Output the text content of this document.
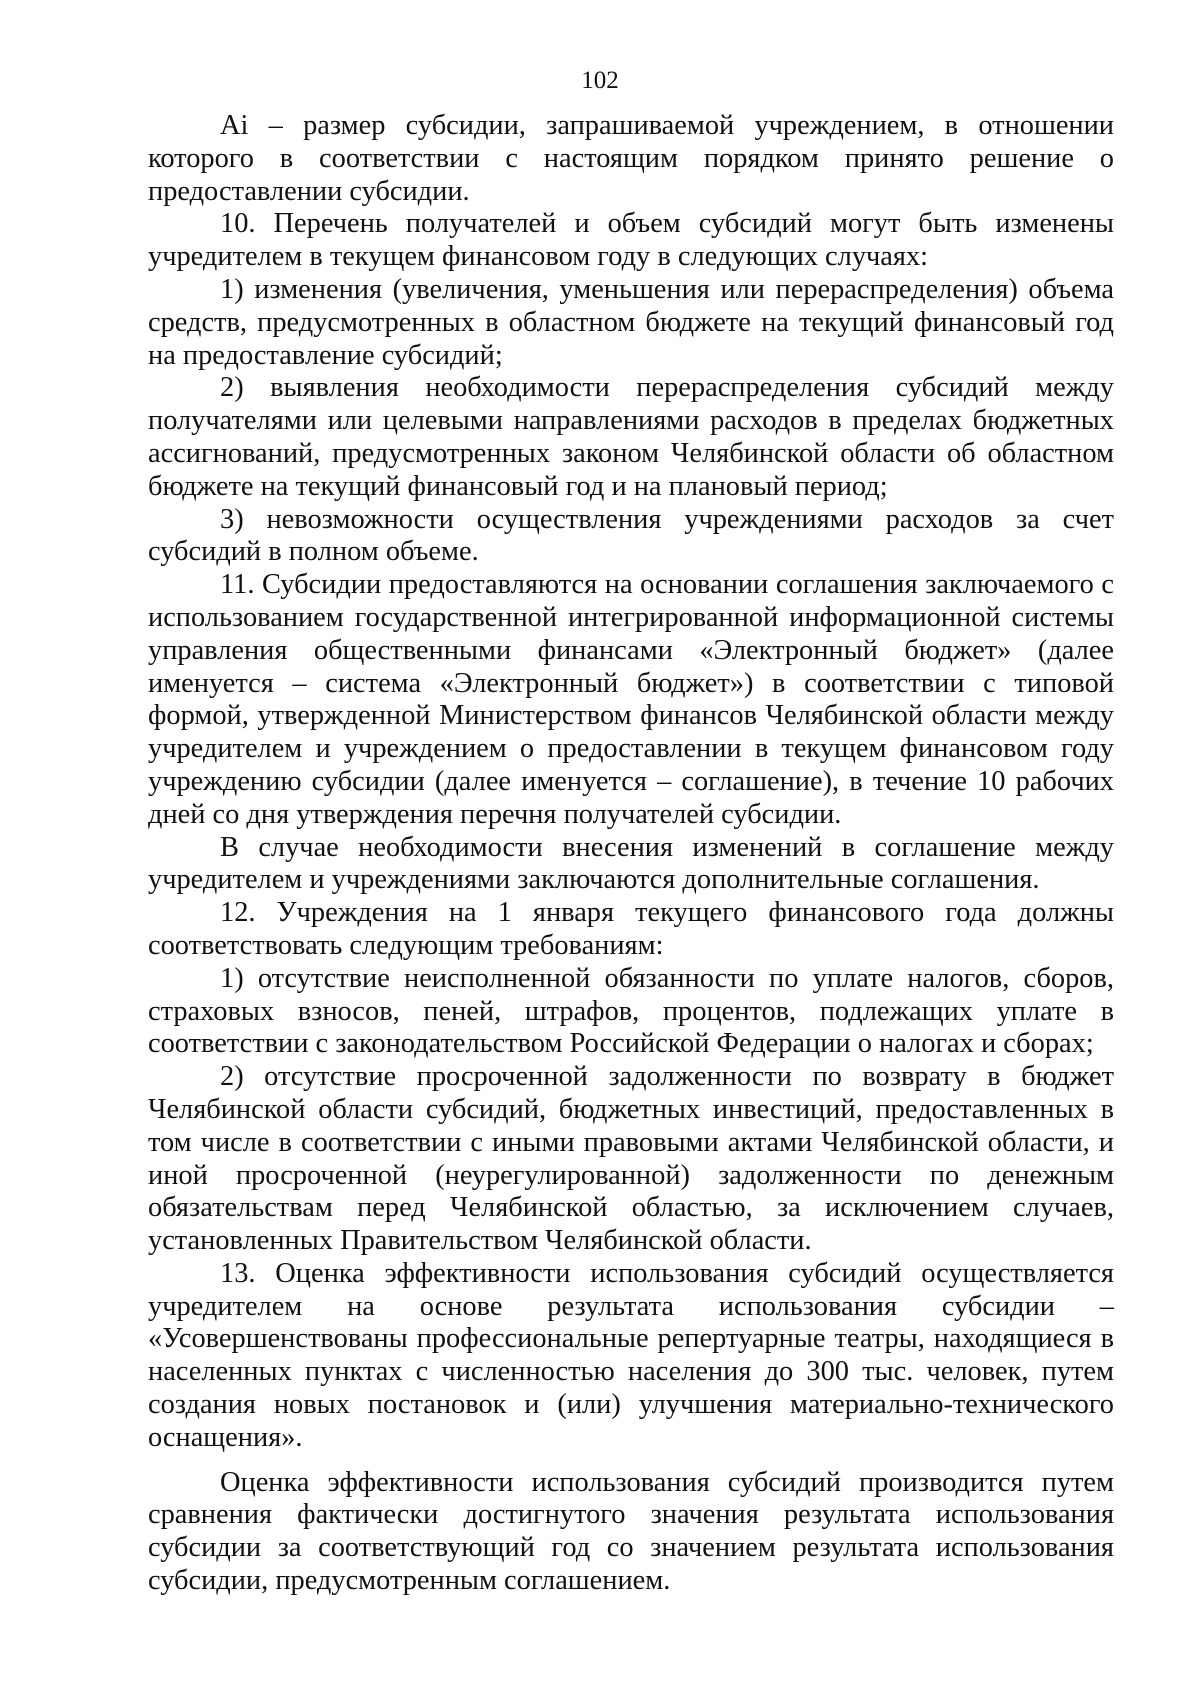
102

Ai – размер субсидии, запрашиваемой учреждением, в отношении которого в соответствии с настоящим порядком принято решение о предоставлении субсидии.

10. Перечень получателей и объем субсидий могут быть изменены учредителем в текущем финансовом году в следующих случаях:

1) изменения (увеличения, уменьшения или перераспределения) объема средств, предусмотренных в областном бюджете на текущий финансовый год на предоставление субсидий;

2) выявления необходимости перераспределения субсидий между получателями или целевыми направлениями расходов в пределах бюджетных ассигнований, предусмотренных законом Челябинской области об областном бюджете на текущий финансовый год и на плановый период;

3) невозможности осуществления учреждениями расходов за счет субсидий в полном объеме.

11. Субсидии предоставляются на основании соглашения заключаемого с использованием государственной интегрированной информационной системы управления общественными финансами «Электронный бюджет» (далее именуется – система «Электронный бюджет») в соответствии с типовой формой, утвержденной Министерством финансов Челябинской области между учредителем и учреждением о предоставлении в текущем финансовом году учреждению субсидии (далее именуется – соглашение), в течение 10 рабочих дней со дня утверждения перечня получателей субсидии.

В случае необходимости внесения изменений в соглашение между учредителем и учреждениями заключаются дополнительные соглашения.

12. Учреждения на 1 января текущего финансового года должны соответствовать следующим требованиям:

1) отсутствие неисполненной обязанности по уплате налогов, сборов, страховых взносов, пеней, штрафов, процентов, подлежащих уплате в соответствии с законодательством Российской Федерации о налогах и сборах;

2) отсутствие просроченной задолженности по возврату в бюджет Челябинской области субсидий, бюджетных инвестиций, предоставленных в том числе в соответствии с иными правовыми актами Челябинской области, и иной просроченной (неурегулированной) задолженности по денежным обязательствам перед Челябинской областью, за исключением случаев, установленных Правительством Челябинской области.

13. Оценка эффективности использования субсидий осуществляется учредителем на основе результата использования субсидии – «Усовершенствованы профессиональные репертуарные театры, находящиеся в населенных пунктах с численностью населения до 300 тыс. человек, путем создания новых постановок и (или) улучшения материально-технического оснащения».

Оценка эффективности использования субсидий производится путем сравнения фактически достигнутого значения результата использования субсидии за соответствующий год со значением результата использования субсидии, предусмотренным соглашением.
